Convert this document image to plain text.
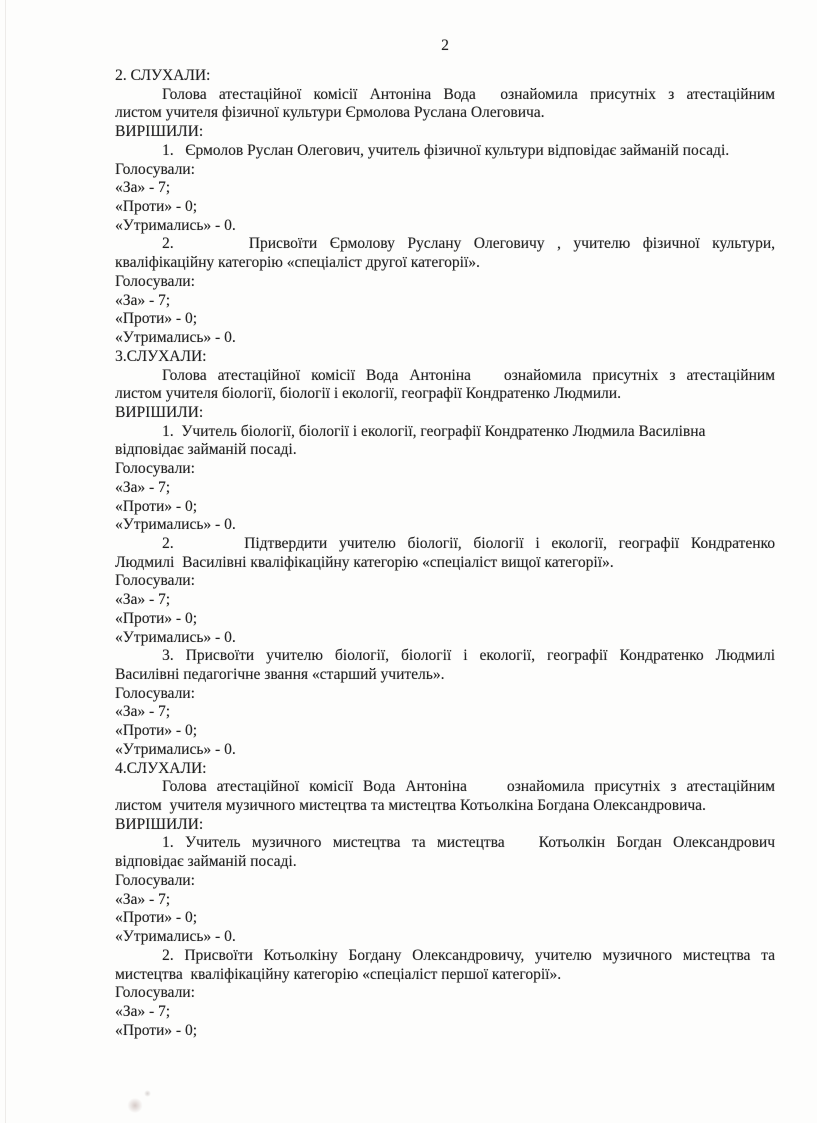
2
2. СЛУХАЛИ:
Голова атестаційної комісії Антоніна Вода  ознайомила присутніх з атестаційним
листом учителя фізичної культури Єрмолова Руслана Олеговича.
ВИРІШИЛИ:
1.   Єрмолов Руслан Олегович, учитель фізичної культури відповідає займаній посаді.
Голосували:
«За» - 7;
«Проти» - 0;
«Утримались» - 0.
2.      Присвоїти Єрмолову Руслану Олеговичу , учителю фізичної культури,
кваліфікаційну категорію «спеціаліст другої категорії».
Голосували:
«За» - 7;
«Проти» - 0;
«Утримались» - 0.
3.СЛУХАЛИ:
Голова атестаційної комісії Вода Антоніна   ознайомила присутніх з атестаційним
листом учителя біології, біології і екології, географії Кондратенко Людмили.
ВИРІШИЛИ:
1.  Учитель біології, біології і екології, географії Кондратенко Людмила Василівна
відповідає займаній посаді.
Голосували:
«За» - 7;
«Проти» - 0;
«Утримались» - 0.
2.      Підтвердити учителю біології, біології і екології, географії Кондратенко
Людмилі  Василівні кваліфікаційну категорію «спеціаліст вищої категорії».
Голосували:
«За» - 7;
«Проти» - 0;
«Утримались» - 0.
3. Присвоїти учителю біології, біології і екології, географії Кондратенко Людмилі
Василівні педагогічне звання «старший учитель».
Голосували:
«За» - 7;
«Проти» - 0;
«Утримались» - 0.
4.СЛУХАЛИ:
Голова атестаційної комісії Вода Антоніна    ознайомила присутніх з атестаційним
листом  учителя музичного мистецтва та мистецтва Котьолкіна Богдана Олександровича.
ВИРІШИЛИ:
1. Учитель музичного мистецтва та мистецтва   Котьолкін Богдан Олександрович
відповідає займаній посаді.
Голосували:
«За» - 7;
«Проти» - 0;
«Утримались» - 0.
2. Присвоїти Котьолкіну Богдану Олександровичу, учителю музичного мистецтва та
мистецтва  кваліфікаційну категорію «спеціаліст першої категорії».
Голосували:
«За» - 7;
«Проти» - 0;
